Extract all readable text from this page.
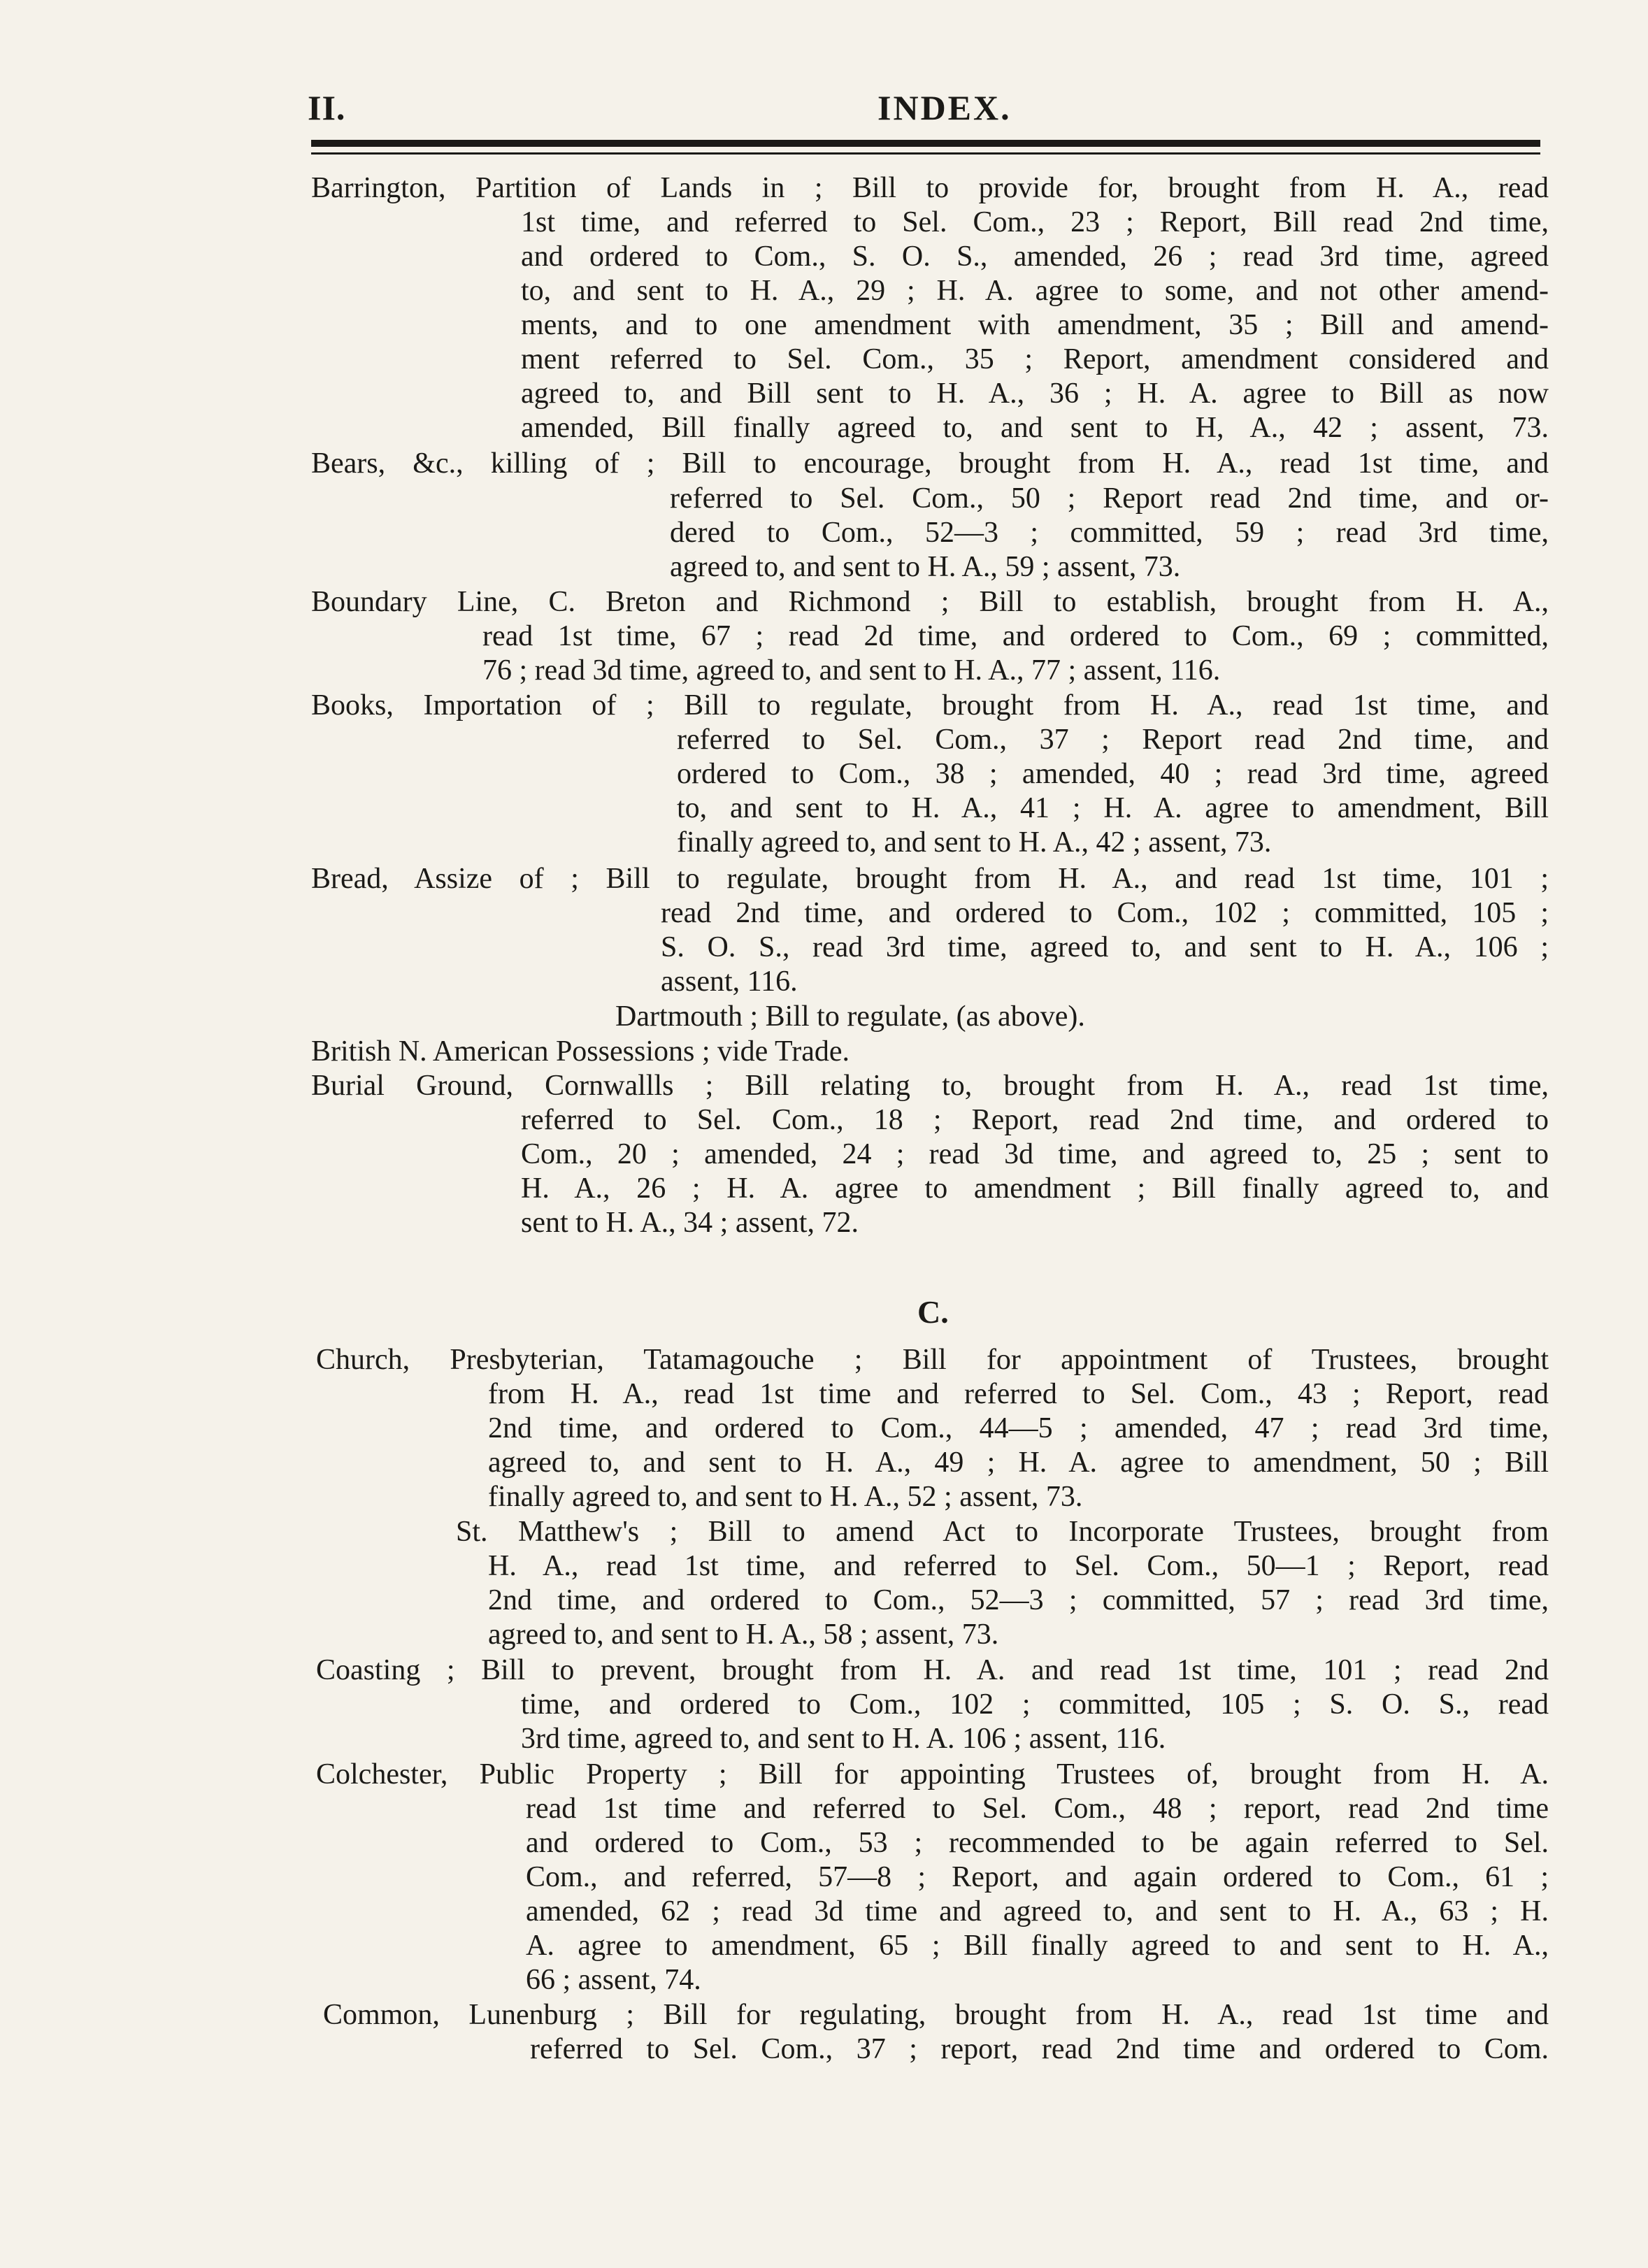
II.	INDEX.
Barrington, Partition of Lands in ; Bill to provide for, brought from H. A., read
1st time, and referred to Sel. Com., 23 ; Report, Bill read 2nd time,
and ordered to Com., S. O. S., amended, 26 ; read 3rd time, agreed
to, and sent to H. A., 29 ; H. A. agree to some, and not other amend-
ments, and to one amendment with amendment, 35 ; Bill and amend-
ment referred to Sel. Com., 35 ; Report, amendment considered and
agreed to, and Bill sent to H. A., 36 ; H. A. agree to Bill as now
amended, Bill finally agreed to, and sent to H, A., 42 ; assent, 73.
Bears, &c., killing of ; Bill to encourage, brought from H. A., read 1st time, and
referred to Sel. Com., 50 ; Report read 2nd time, and or-
dered to Com., 52—3 ; committed, 59 ; read 3rd time,
agreed to, and sent to H. A., 59 ; assent, 73.
Boundary Line, C. Breton and Richmond ; Bill to establish, brought from H. A.,
read 1st time, 67 ; read 2d time, and ordered to Com., 69 ; committed,
76 ; read 3d time, agreed to, and sent to H. A., 77 ; assent, 116.
Books, Importation of ; Bill to regulate, brought from H. A., read 1st time, and
referred to Sel. Com., 37 ; Report read 2nd time, and
ordered to Com., 38 ; amended, 40 ; read 3rd time, agreed
to, and sent to H. A., 41 ; H. A. agree to amendment, Bill
finally agreed to, and sent to H. A., 42 ; assent, 73.
Bread, Assize of ; Bill to regulate, brought from H. A., and read 1st time, 101 ;
read 2nd time, and ordered to Com., 102 ; committed, 105 ;
S. O. S., read 3rd time, agreed to, and sent to H. A., 106 ;
assent, 116.
Dartmouth ; Bill to regulate, (as above).
British N. American Possessions ; vide Trade.
Burial Ground, Cornwallls ; Bill relating to, brought from H. A., read 1st time,
referred to Sel. Com., 18 ; Report, read 2nd time, and ordered to
Com., 20 ; amended, 24 ; read 3d time, and agreed to, 25 ; sent to
H. A., 26 ; H. A. agree to amendment ; Bill finally agreed to, and
sent to H. A., 34 ; assent, 72.
C.
Church, Presbyterian, Tatamagouche ; Bill for appointment of Trustees, brought
from H. A., read 1st time and referred to Sel. Com., 43 ; Report, read
2nd time, and ordered to Com., 44—5 ; amended, 47 ; read 3rd time,
agreed to, and sent to H. A., 49 ; H. A. agree to amendment, 50 ; Bill
finally agreed to, and sent to H. A., 52 ; assent, 73.
St. Matthew's ; Bill to amend Act to Incorporate Trustees, brought from
H. A., read 1st time, and referred to Sel. Com., 50—1 ; Report, read
2nd time, and ordered to Com., 52—3 ; committed, 57 ; read 3rd time,
agreed to, and sent to H. A., 58 ; assent, 73.
Coasting ; Bill to prevent, brought from H. A. and read 1st time, 101 ; read 2nd
time, and ordered to Com., 102 ; committed, 105 ; S. O. S., read
3rd time, agreed to, and sent to H. A. 106 ; assent, 116.
Colchester, Public Property ; Bill for appointing Trustees of, brought from H. A.
read 1st time and referred to Sel. Com., 48 ; report, read 2nd time
and ordered to Com., 53 ; recommended to be again referred to Sel.
Com., and referred, 57—8 ; Report, and again ordered to Com., 61 ;
amended, 62 ; read 3d time and agreed to, and sent to H. A., 63 ; H.
A. agree to amendment, 65 ; Bill finally agreed to and sent to H. A.,
66 ; assent, 74.
Common, Lunenburg ; Bill for regulating, brought from H. A., read 1st time and
referred to Sel. Com., 37 ; report, read 2nd time and ordered to Com.
